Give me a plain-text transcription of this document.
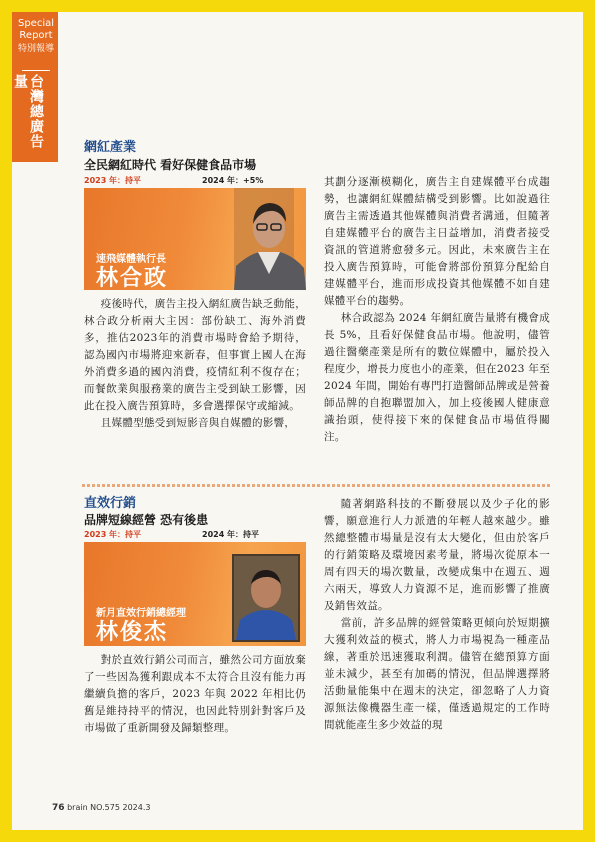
Special Report
特別報導
台灣總廣告量
網紅產業
全民網紅時代 看好保健食品市場
2023 年：持平	2024 年：+5%
速飛媒體執行長
林合政

疫後時代，廣告主投入網紅廣告缺乏動能，林合政分析兩大主因：部份缺工、海外消費多，推估2023年的消費市場時會給予期待，認為國內市場將迎來新春，但事實上國人在海外消費多過的國內消費，疫情紅利不復存在；而餐飲業與服務業的廣告主受到缺工影響，因此在投入廣告預算時，多會選擇保守或縮減。

且媒體型態受到短影音與自媒體的影響，

其劃分逐漸模糊化，廣告主自建媒體平台成趨勢，也讓網紅媒體結構受到影響。比如說過往廣告主需透過其他媒體與消費者溝通，但隨著自建媒體平台的廣告主日益增加，消費者接受資訊的管道將愈發多元。因此，未來廣告主在投入廣告預算時，可能會將部份預算分配給自建媒體平台，進而形成投資其他媒體不如自建媒體平台的趨勢。

林合政認為 2024 年網紅廣告量將有機會成長 5%，且看好保健食品市場。他說明，儘管過往醫藥產業是所有的數位媒體中，屬於投入程度少，增長力度也小的產業，但在2023 年至 2024 年間，開始有專門打造醫師品牌或是營養師品牌的自抱聯盟加入，加上疫後國人健康意識抬頭，使得接下來的保健食品市場值得關注。

直效行銷
品牌短線經營 恐有後患
2023 年：持平	2024 年：持平
新月直效行銷總經理
林俊杰

對於直效行銷公司而言，雖然公司方面放棄了一些因為獲利跟成本不太符合且沒有能力再繼續負擔的客戶，2023 年與 2022 年相比仍舊是維持持平的情況，也因此特別針對客戶及市場做了重新開發及歸類整理。

隨著網路科技的不斷發展以及少子化的影響，願意進行人力派遣的年輕人越來越少。雖然總整體市場量是沒有太大變化，但由於客戶的行銷策略及環境因素考量，將場次從原本一周有四天的場次數量，改變成集中在週五、週六兩天，導致人力資源不足，進而影響了推廣及銷售效益。

當前，許多品牌的經營策略更傾向於短期擴大獲利效益的模式，將人力市場視為一種產品線，著重於迅速獲取利潤。儘管在總預算方面並未減少，甚至有加碼的情況，但品牌選擇將活動量能集中在週末的決定，卻忽略了人力資源無法像機器生產一樣，僅透過規定的工作時間就能產生多少效益的現

76 brain NO.575 2024.3
